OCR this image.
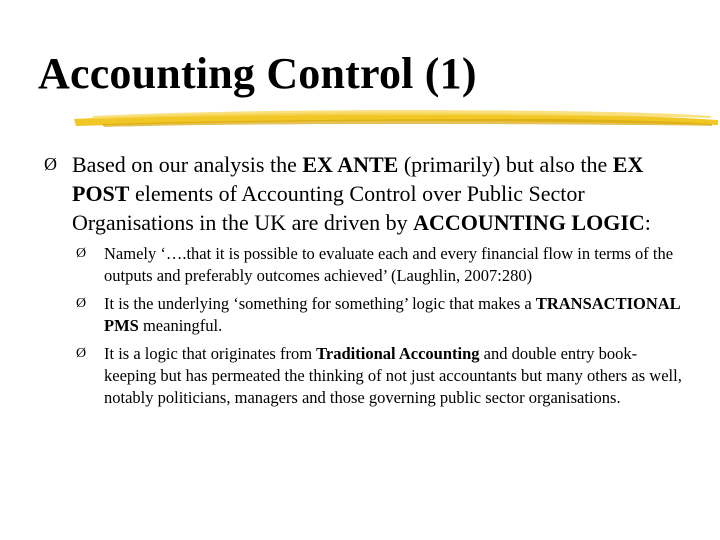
Accounting Control (1)
Ø Based on our analysis the EX ANTE (primarily) but also the EX POST elements of Accounting Control over Public Sector Organisations in the UK are driven by ACCOUNTING LOGIC:
Ø Namely ‘….that it is possible to evaluate each and every financial flow in terms of the outputs and preferably outcomes achieved’ (Laughlin, 2007:280)
Ø It is the underlying ‘something for something’ logic that makes a TRANSACTIONAL PMS meaningful.
Ø It is a logic that originates from Traditional Accounting and double entry book-keeping but has permeated the thinking of not just accountants but many others as well, notably politicians, managers and those governing public sector organisations.
